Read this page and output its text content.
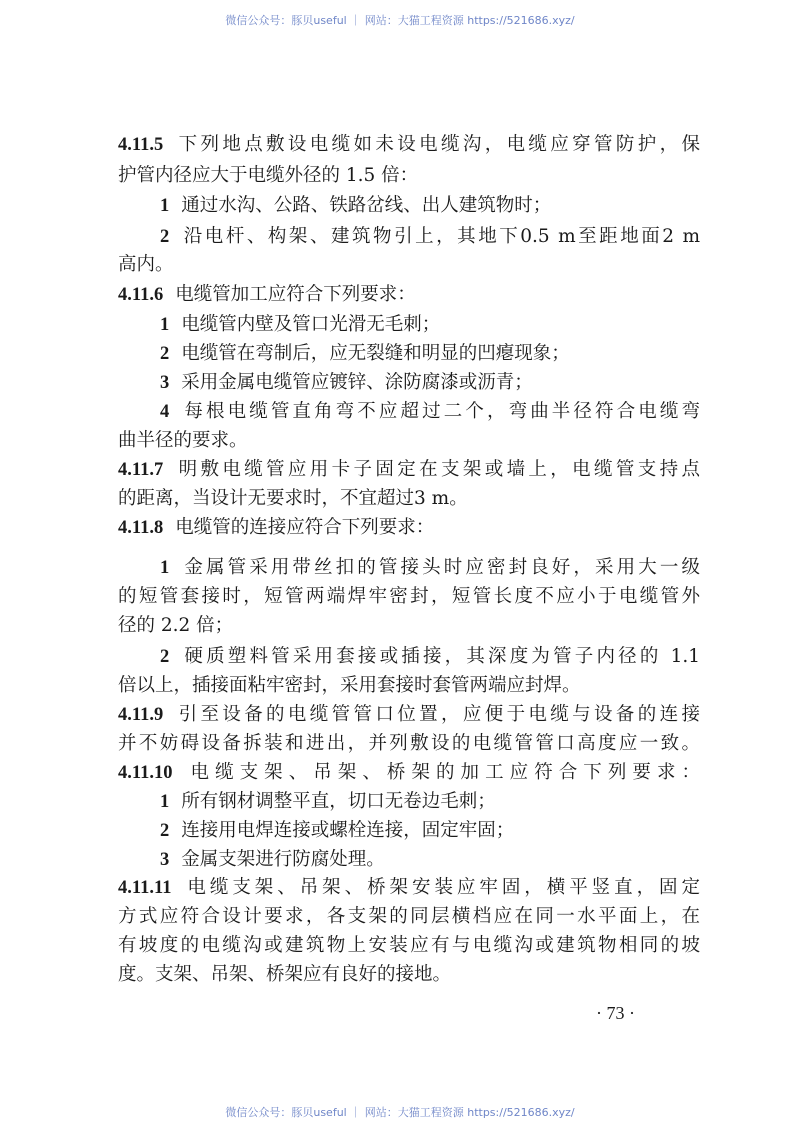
微信公众号：豚贝useful ｜ 网站：大猫工程资源 https://521686.xyz/
4.11.5 下列地点敷设电缆如未设电缆沟，电缆应穿管防护，保
护管内径应大于电缆外径的 1.5 倍：
1 通过水沟、公路、铁路岔线、出人建筑物时；
2 沿电杆、构架、建筑物引上，其地下0.5 m至距地面2 m
高内。
4.11.6 电缆管加工应符合下列要求：
1 电缆管内壁及管口光滑无毛刺；
2 电缆管在弯制后，应无裂缝和明显的凹瘪现象；
3 采用金属电缆管应镀锌、涂防腐漆或沥青；
4 每根电缆管直角弯不应超过二个，弯曲半径符合电缆弯
曲半径的要求。
4.11.7 明敷电缆管应用卡子固定在支架或墙上，电缆管支持点
的距离，当设计无要求时，不宜超过3 m。
4.11.8 电缆管的连接应符合下列要求：
1 金属管采用带丝扣的管接头时应密封良好，采用大一级
的短管套接时，短管两端焊牢密封，短管长度不应小于电缆管外
径的 2.2 倍；
2 硬质塑料管采用套接或插接，其深度为管子内径的 1.1
倍以上，插接面粘牢密封，采用套接时套管两端应封焊。
4.11.9 引至设备的电缆管管口位置，应便于电缆与设备的连接
并不妨碍设备拆装和进出，并列敷设的电缆管管口高度应一致。
4.11.10 电缆支架、吊架、桥架的加工应符合下列要求：
1 所有钢材调整平直，切口无卷边毛刺；
2 连接用电焊连接或螺栓连接，固定牢固；
3 金属支架进行防腐处理。
4.11.11 电缆支架、吊架、桥架安装应牢固，横平竖直，固定
方式应符合设计要求，各支架的同层横档应在同一水平面上，在
有坡度的电缆沟或建筑物上安装应有与电缆沟或建筑物相同的坡
度。支架、吊架、桥架应有良好的接地。
· 73 ·
微信公众号：豚贝useful ｜ 网站：大猫工程资源 https://521686.xyz/
